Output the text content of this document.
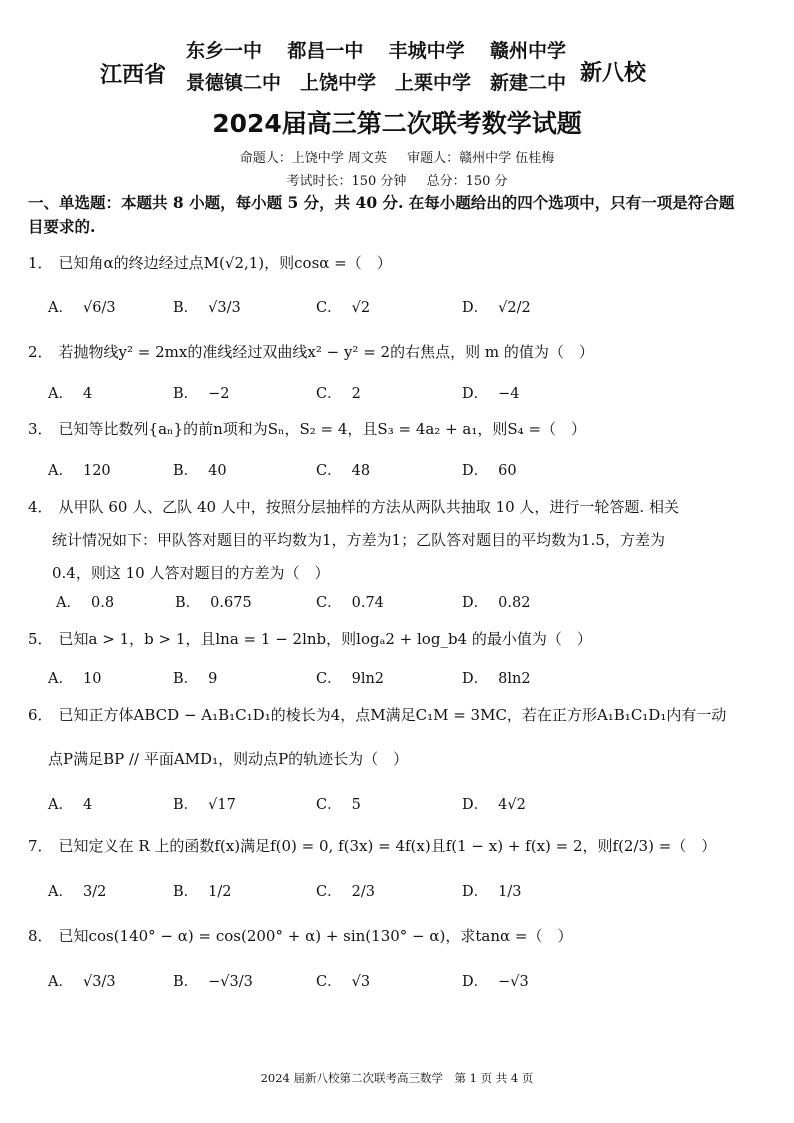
江西省
东乡一中 都昌一中 丰城中学 赣州中学
景德镇二中 上饶中学 上栗中学 新建二中 新八校
2024届高三第二次联考数学试题
命题人：上饶中学 周文英 审题人：赣州中学 伍桂梅
考试时长：150 分钟 总分：150 分
一、单选题：本题共 8 小题，每小题 5 分，共 40 分. 在每小题给出的四个选项中，只有一项是符合题目要求的.
1． 已知角α的终边经过点M(√2,1)，则cosα =（　）
A． √6/3	B． √3/3	C． √2	D． √2/2
2． 若抛物线y² = 2mx的准线经过双曲线x² − y² = 2的右焦点，则 m 的值为（　）
A． 4	B． −2	C． 2	D． −4
3． 已知等比数列{aₙ}的前n项和为Sₙ，S₂ = 4，且S₃ = 4a₂ + a₁，则S₄ =（　）
A． 120	B． 40	C． 48	D． 60
4． 从甲队 60 人、乙队 40 人中，按照分层抽样的方法从两队共抽取 10 人，进行一轮答题. 相关
统计情况如下：甲队答对题目的平均数为1，方差为1；乙队答对题目的平均数为1.5，方差为
0.4，则这 10 人答对题目的方差为（　）
A． 0.8	B． 0.675	C． 0.74	D． 0.82
5． 已知a > 1，b > 1，且lna = 1 − 2lnb，则logₐ2 + log_b4 的最小值为（　）
A． 10	B． 9	C． 9ln2	D． 8ln2
6． 已知正方体ABCD − A₁B₁C₁D₁的棱长为4，点M满足C₁M = 3MC，若在正方形A₁B₁C₁D₁内有一动
点P满足BP // 平面AMD₁，则动点P的轨迹长为（　）
A． 4	B． √17	C． 5	D． 4√2
7． 已知定义在 R 上的函数f(x)满足f(0) = 0, f(3x) = 4f(x)且f(1 − x) + f(x) = 2，则f(2/3) =（　）
A． 3/2	B． 1/2	C． 2/3	D． 1/3
8． 已知cos(140° − α) = cos(200° + α) + sin(130° − α)，求tanα =（　）
A． √3/3	B． −√3/3	C． √3	D． −√3
2024 届新八校第二次联考高三数学　第 1 页 共 4 页
